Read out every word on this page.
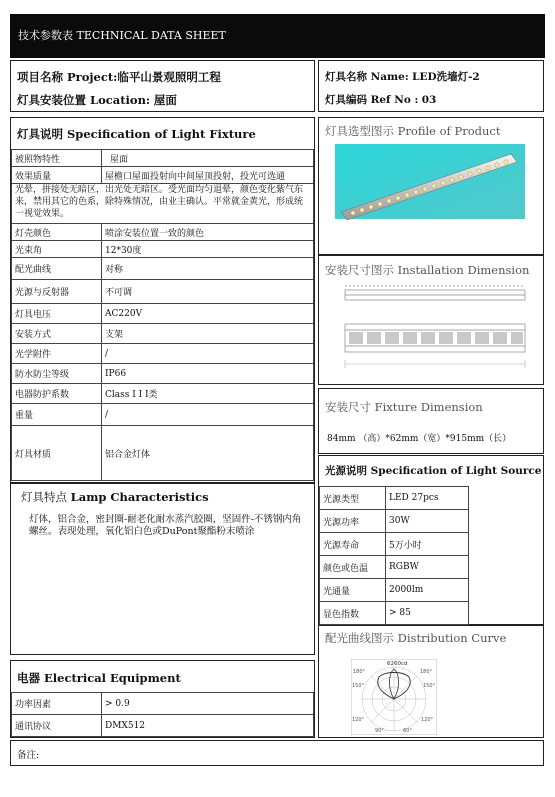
技术参数表 TECHNICAL DATA SHEET
项目名称 Project:临平山景观照明工程
灯具安装位置 Location: 屋面
灯具名称 Name: LED洗墙灯-2
灯具编码 Ref No : 03
灯具说明 Specification of Light Fixture
被照物特性	屋面
效果质量	屋檐口屋面投射向中间屋顶投射，投光可选通
光晕，拼接处无暗区，出光处无暗区。受光面均匀退晕，颜色变化紫气东来，禁用其它的色系，除特殊情况，由业主确认。平常就金黄光，形成统一视觉效果。	
灯壳颜色	喷涂安装位置一致的颜色
光束角	12*30度
配光曲线	对称
光源与反射器	不可调
灯具电压	AC220V
安装方式	支架
光学附件	/
防水防尘等级	IP66
电器防护系数	Class I I I类
重量	/
灯具材质	铝合金灯体
灯具特点 Lamp Characteristics
灯体，铝合金，密封圈-耐老化耐水蒸汽胶圈，坚固件-不锈钢内角螺丝。表现处理，氧化铝白色或DuPont聚酯粉末喷涂
电器 Electrical Equipment
功率因素	> 0.9
通讯协议	DMX512
备注:
灯具选型图示 Profile of Product
安装尺寸图示 Installation Dimension
安装尺寸 Fixture Dimension
84mm （高）*62mm（宽）*915mm（长）
光源说明 Specification of Light Source
光源类型	LED 27pcs
光源功率	30W
光源寿命	5万小时
颜色或色温	RGBW
光通量	2000lm
显色指数	> 85
配光曲线图示 Distribution Curve
6260cd
180°	180°
150°	150°
120°	120°
90°	60°
